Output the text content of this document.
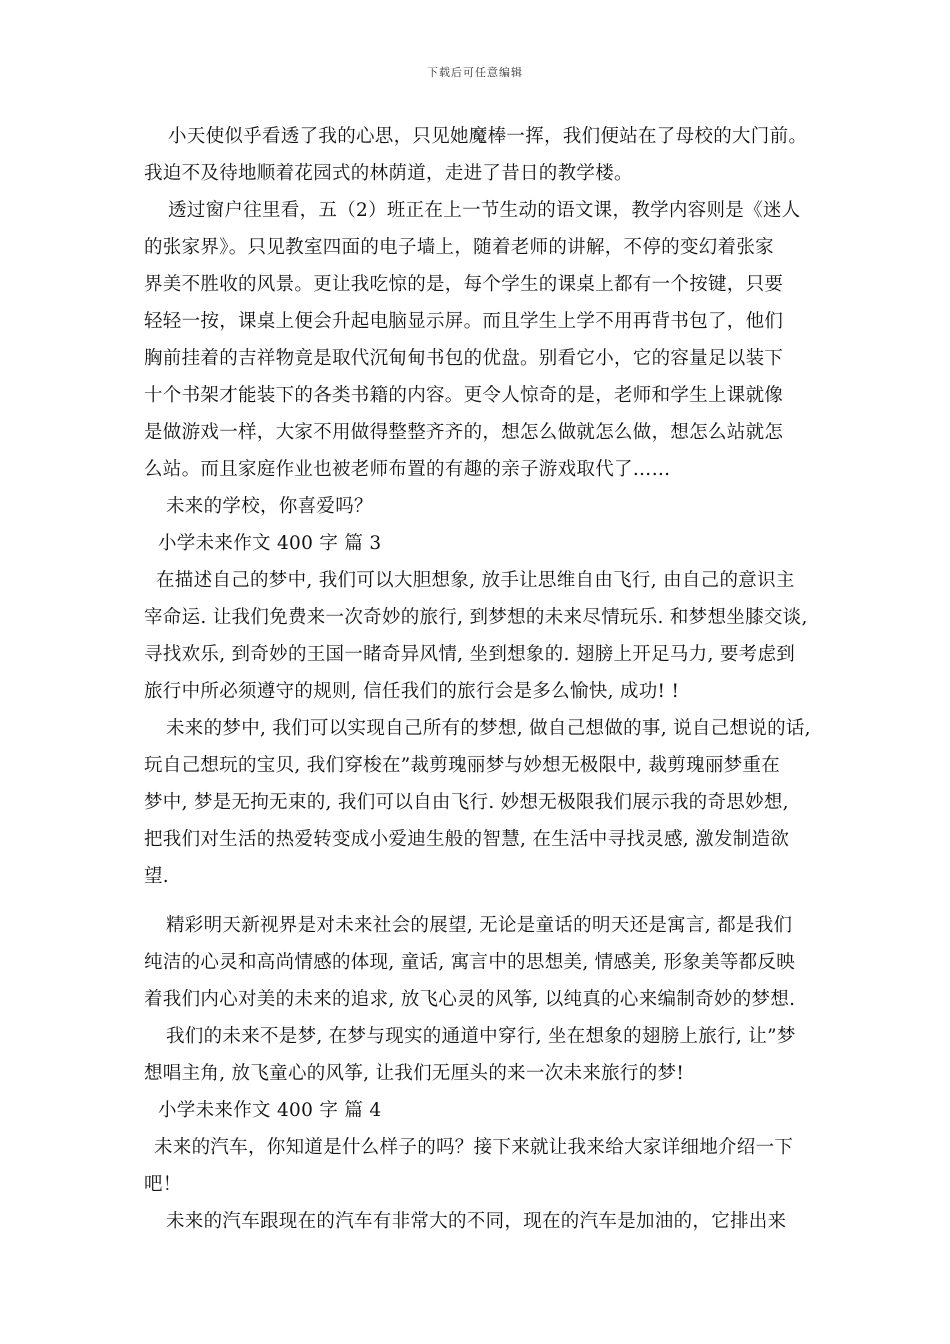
下载后可任意编辑
小天使似乎看透了我的心思，只见她魔棒一挥，我们便站在了母校的大门前。
我迫不及待地顺着花园式的林荫道，走进了昔日的教学楼。
透过窗户往里看，五（2）班正在上一节生动的语文课，教学内容则是《迷人
的张家界》。只见教室四面的电子墙上，随着老师的讲解，不停的变幻着张家
界美不胜收的风景。更让我吃惊的是，每个学生的课桌上都有一个按键，只要
轻轻一按，课桌上便会升起电脑显示屏。而且学生上学不用再背书包了，他们
胸前挂着的吉祥物竟是取代沉甸甸书包的优盘。别看它小，它的容量足以装下
十个书架才能装下的各类书籍的内容。更令人惊奇的是，老师和学生上课就像
是做游戏一样，大家不用做得整整齐齐的，想怎么做就怎么做，想怎么站就怎
么站。而且家庭作业也被老师布置的有趣的亲子游戏取代了……
未来的学校，你喜爱吗？
小学未来作文 400 字 篇 3
在描述自己的梦中, 我们可以大胆想象, 放手让思维自由飞行, 由自己的意识主
宰命运. 让我们免费来一次奇妙的旅行, 到梦想的未来尽情玩乐. 和梦想坐膝交谈,
寻找欢乐, 到奇妙的王国一睹奇异风情, 坐到想象的. 翅膀上开足马力, 要考虑到
旅行中所必须遵守的规则, 信任我们的旅行会是多么愉快, 成功! !
未来的梦中, 我们可以实现自己所有的梦想, 做自己想做的事, 说自己想说的话,
玩自己想玩的宝贝, 我们穿梭在”裁剪瑰丽梦与妙想无极限中, 裁剪瑰丽梦重在
梦中, 梦是无拘无束的, 我们可以自由飞行. 妙想无极限我们展示我的奇思妙想,
把我们对生活的热爱转变成小爱迪生般的智慧, 在生活中寻找灵感, 激发制造欲
望.
精彩明天新视界是对未来社会的展望, 无论是童话的明天还是寓言, 都是我们
纯洁的心灵和高尚情感的体现, 童话, 寓言中的思想美, 情感美, 形象美等都反映
着我们内心对美的未来的追求, 放飞心灵的风筝, 以纯真的心来编制奇妙的梦想.
我们的未来不是梦, 在梦与现实的通道中穿行, 坐在想象的翅膀上旅行, 让”梦
想唱主角, 放飞童心的风筝, 让我们无厘头的来一次未来旅行的梦!
小学未来作文 400 字 篇 4
未来的汽车，你知道是什么样子的吗？接下来就让我来给大家详细地介绍一下
吧！
未来的汽车跟现在的汽车有非常大的不同，现在的汽车是加油的，它排出来
